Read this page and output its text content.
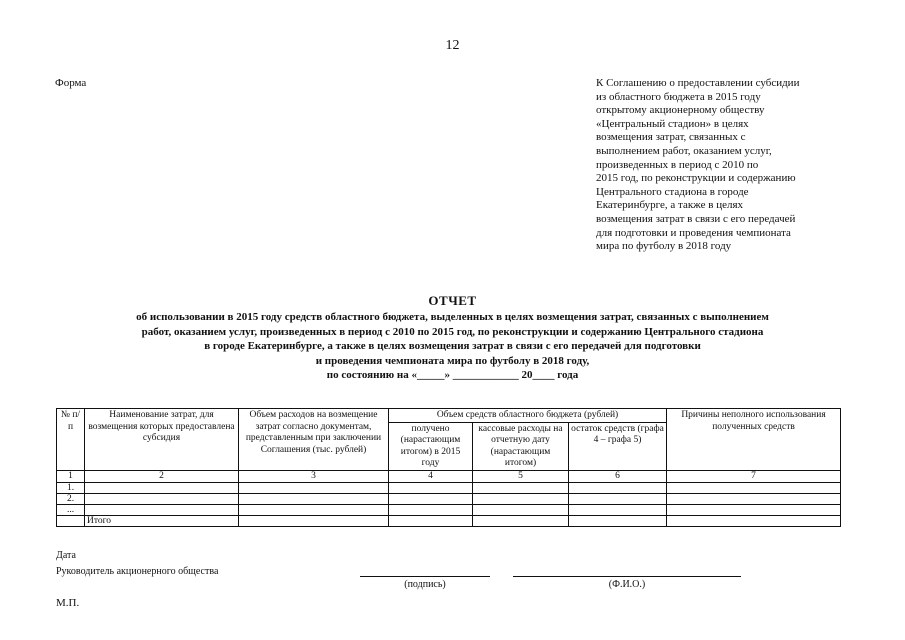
12
Форма	К Соглашению о предоставлении субсидии
из областного бюджета в 2015 году
открытому акционерному обществу
«Центральный стадион» в целях
возмещения затрат, связанных с
выполнением работ, оказанием услуг,
произведенных в период с 2010 по
2015 год, по реконструкции и содержанию
Центрального стадиона в городе
Екатеринбурге, а также в целях
возмещения затрат в связи с его передачей
для подготовки и проведения чемпионата
мира по футболу в 2018 году
ОТЧЕТ
об использовании в 2015 году средств областного бюджета, выделенных в целях возмещения затрат, связанных с выполнением
работ, оказанием услуг, произведенных в период с 2010 по 2015 год, по реконструкции и содержанию Центрального стадиона
в городе Екатеринбурге, а также в целях возмещения затрат в связи с его передачей для подготовки
и проведения чемпионата мира по футболу в 2018 году,
по состоянию на «_____» ____________ 20____ года
№ п/п	Наименование затрат, для возмещения которых предоставлена субсидия	Объем расходов на возмещение затрат согласно документам, представленным при заключении Соглашения (тыс. рублей)	Объем средств областного бюджета (рублей)			Причины неполного использования полученных средств
			получено (нарастающим итогом) в 2015 году	кассовые расходы на отчетную дату (нарастающим итогом)	остаток средств (графа 4 – графа 5)	
1	2	3	4	5	6	7
1.						
2.						
...						
	Итого					
Дата
Руководитель акционерного общества
(подпись)	(Ф.И.О.)
М.П.
